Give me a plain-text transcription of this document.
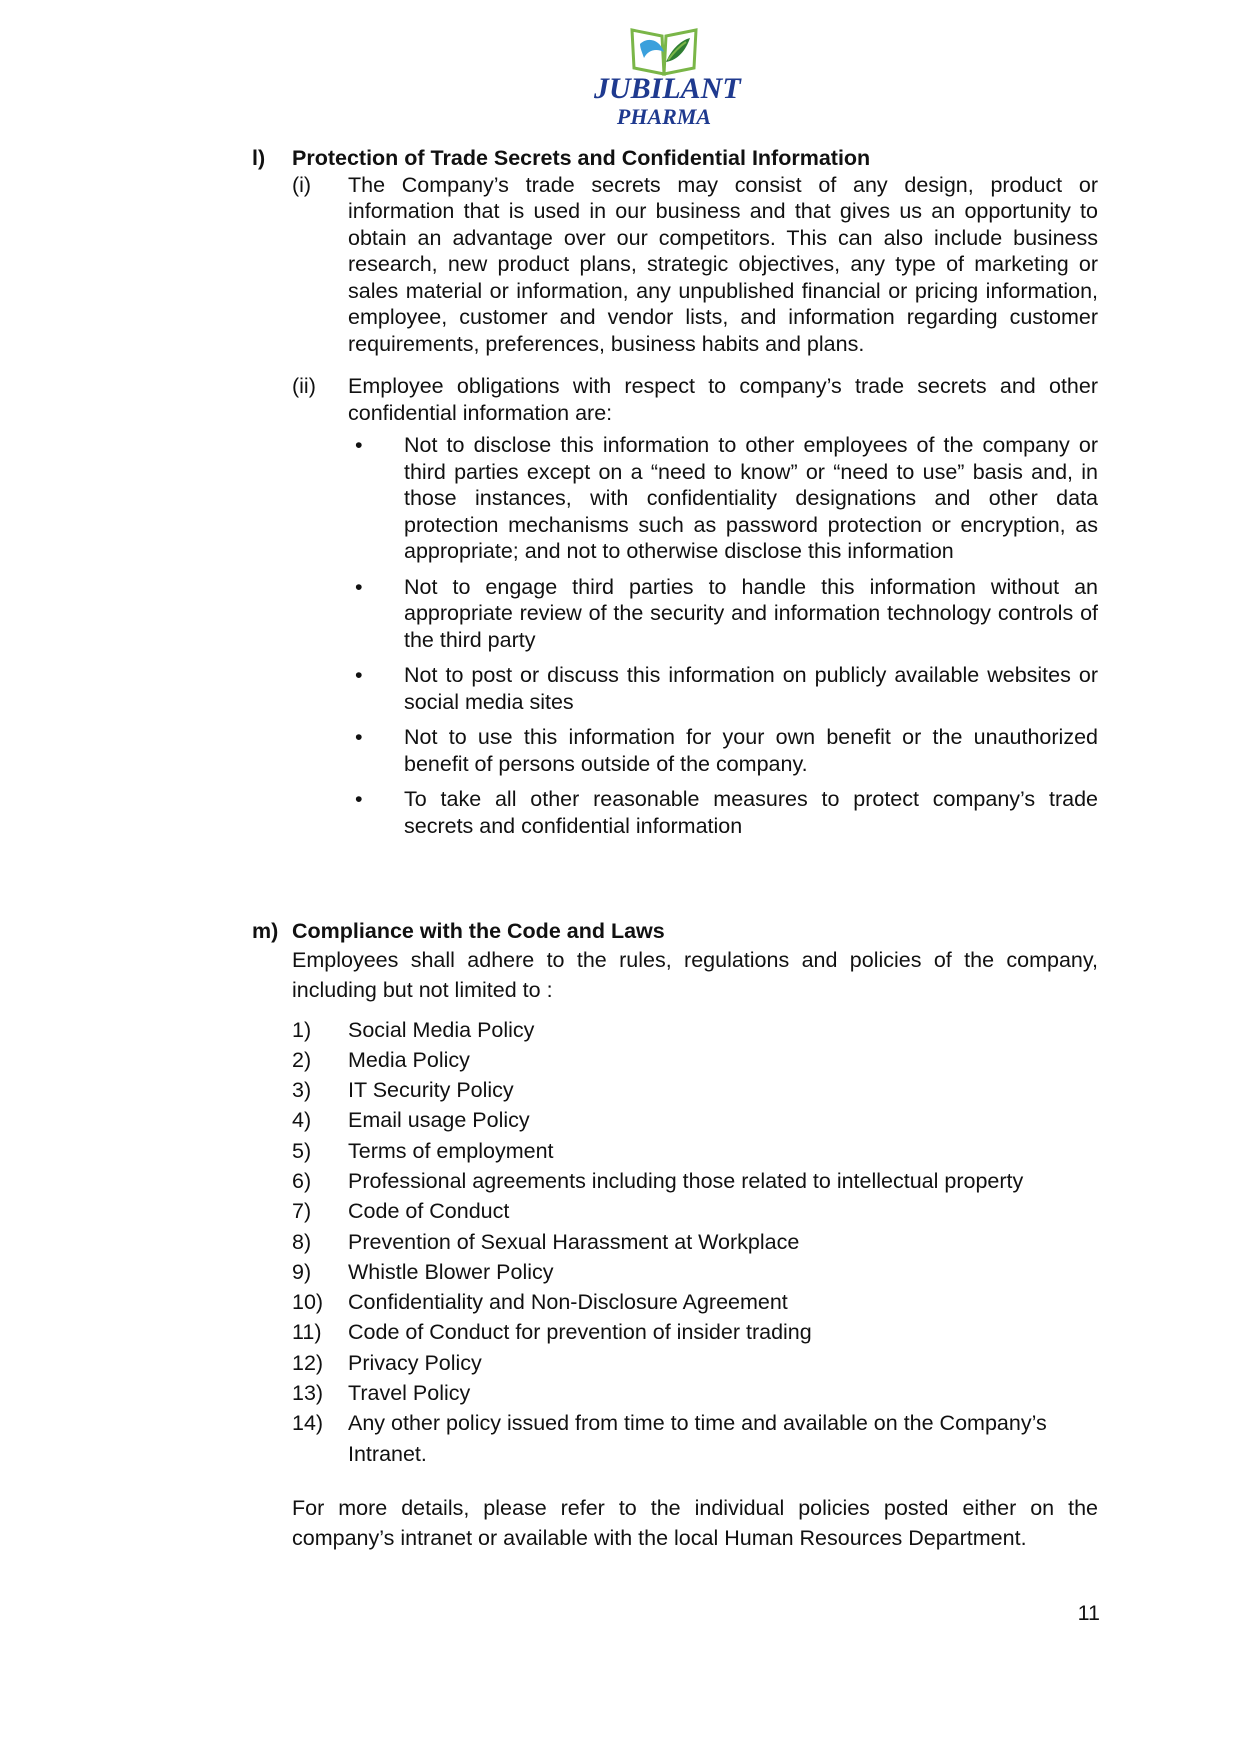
JUBILANT
PHARMA
l) Protection of Trade Secrets and Confidential Information
(i) The Company’s trade secrets may consist of any design, product or information that is used in our business and that gives us an opportunity to obtain an advantage over our competitors. This can also include business research, new product plans, strategic objectives, any type of marketing or sales material or information, any unpublished financial or pricing information, employee, customer and vendor lists, and information regarding customer requirements, preferences, business habits and plans.
(ii) Employee obligations with respect to company’s trade secrets and other confidential information are:
• Not to disclose this information to other employees of the company or third parties except on a “need to know” or “need to use” basis and, in those instances, with confidentiality designations and other data protection mechanisms such as password protection or encryption, as appropriate; and not to otherwise disclose this information
• Not to engage third parties to handle this information without an appropriate review of the security and information technology controls of the third party
• Not to post or discuss this information on publicly available websites or social media sites
• Not to use this information for your own benefit or the unauthorized benefit of persons outside of the company.
• To take all other reasonable measures to protect company’s trade secrets and confidential information
m) Compliance with the Code and Laws
Employees shall adhere to the rules, regulations and policies of the company, including but not limited to :
1) Social Media Policy
2) Media Policy
3) IT Security Policy
4) Email usage Policy
5) Terms of employment
6) Professional agreements including those related to intellectual property
7) Code of Conduct
8) Prevention of Sexual Harassment at Workplace
9) Whistle Blower Policy
10) Confidentiality and Non-Disclosure Agreement
11) Code of Conduct for prevention of insider trading
12) Privacy Policy
13) Travel Policy
14) Any other policy issued from time to time and available on the Company’s Intranet.
For more details, please refer to the individual policies posted either on the company’s intranet or available with the local Human Resources Department.
11
